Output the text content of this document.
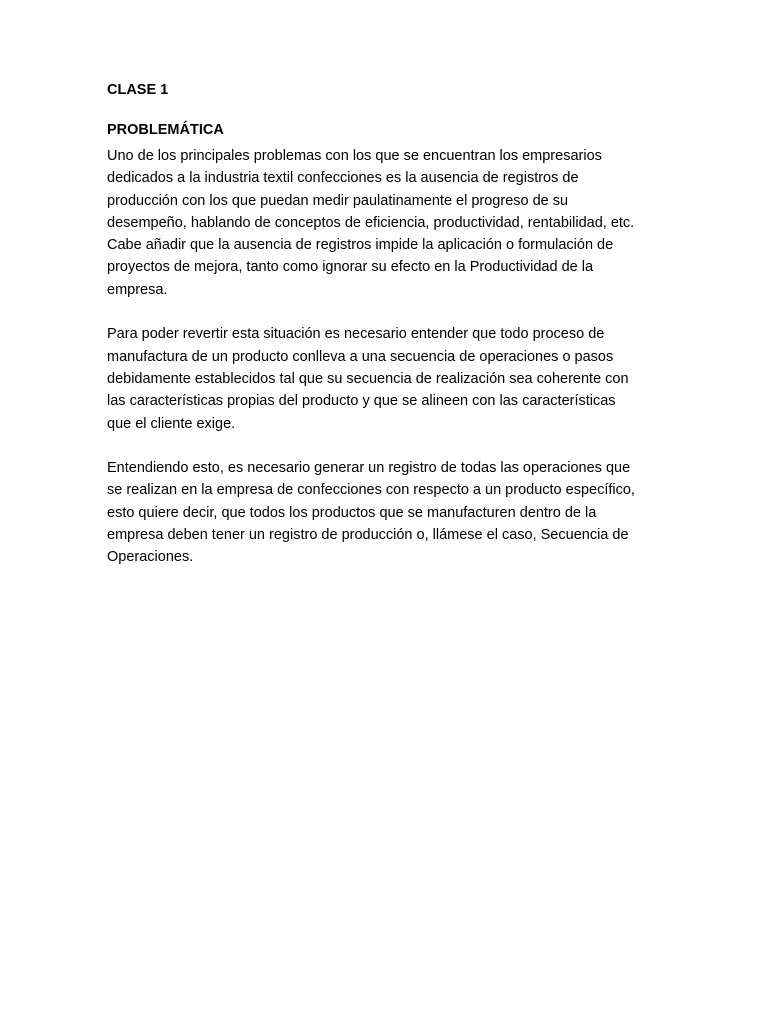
CLASE 1

PROBLEMÁTICA

Uno de los principales problemas con los que se encuentran los empresarios
dedicados a la industria textil confecciones es la ausencia de registros de
producción con los que puedan medir paulatinamente el progreso de su
desempeño, hablando de conceptos de eficiencia, productividad, rentabilidad, etc.
Cabe añadir que la ausencia de registros impide la aplicación o formulación de
proyectos de mejora, tanto como ignorar su efecto en la Productividad de la
empresa.

Para poder revertir esta situación es necesario entender que todo proceso de
manufactura de un producto conlleva a una secuencia de operaciones o pasos
debidamente establecidos tal que su secuencia de realización sea coherente con
las características propias del producto y que se alineen con las características
que el cliente exige.

Entendiendo esto, es necesario generar un registro de todas las operaciones que
se realizan en la empresa de confecciones con respecto a un producto específico,
esto quiere decir, que todos los productos que se manufacturen dentro de la
empresa deben tener un registro de producción o, llámese el caso, Secuencia de
Operaciones.
